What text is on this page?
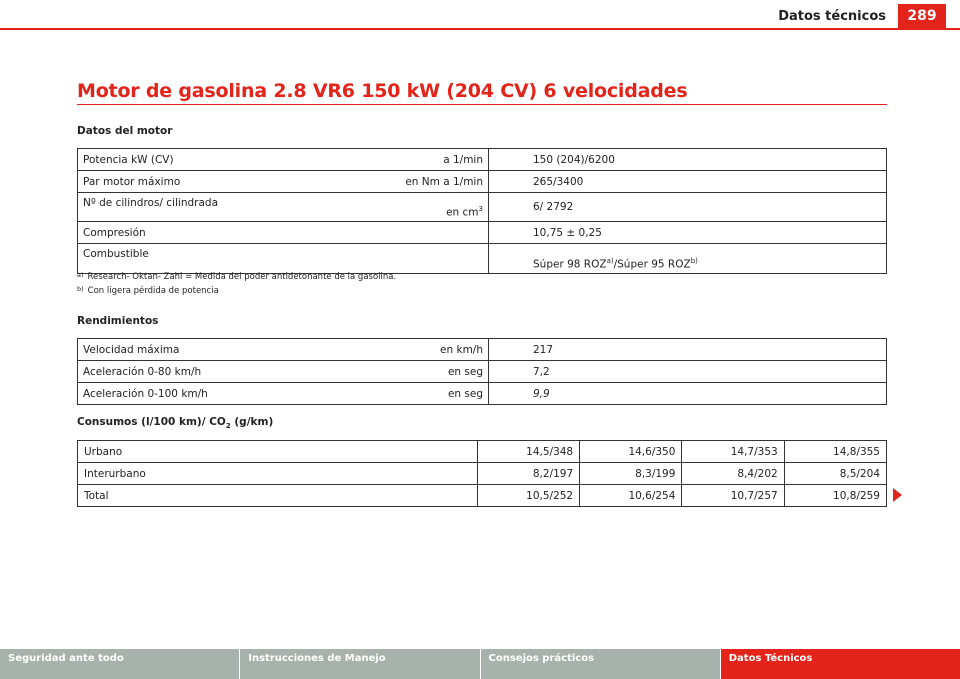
Datos técnicos	289
Motor de gasolina 2.8 VR6 150 kW (204 CV) 6 velocidades
Datos del motor
Potencia kW (CV)	a 1/min	150 (204)/6200
Par motor máximo	en Nm a 1/min	265/3400
Nº de cilindros/ cilindrada	en $cm^3$	6/ 2792
Compresión		10,75 ± 0,25
Combustible		Súper 98 ROZ$^{a)}$/Súper 95 ROZ$^{b)}$
$^{a)}$ Research- Oktan- Zahl = Medida del poder antidetonante de la gasolina.
$^{b)}$ Con ligera pérdida de potencia
Rendimientos
Velocidad máxima	en km/h	217
Aceleración 0-80 km/h	en seg	7,2
Aceleración 0-100 km/h	en seg	9,9
Consumos (l/100 km)/ $CO_2$ (g/km)
Urbano	14,5/348	14,6/350	14,7/353	14,8/355
Interurbano	8,2/197	8,3/199	8,4/202	8,5/204
Total	10,5/252	10,6/254	10,7/257	10,8/259
Seguridad ante todo	Instrucciones de Manejo	Consejos prácticos	Datos Técnicos
